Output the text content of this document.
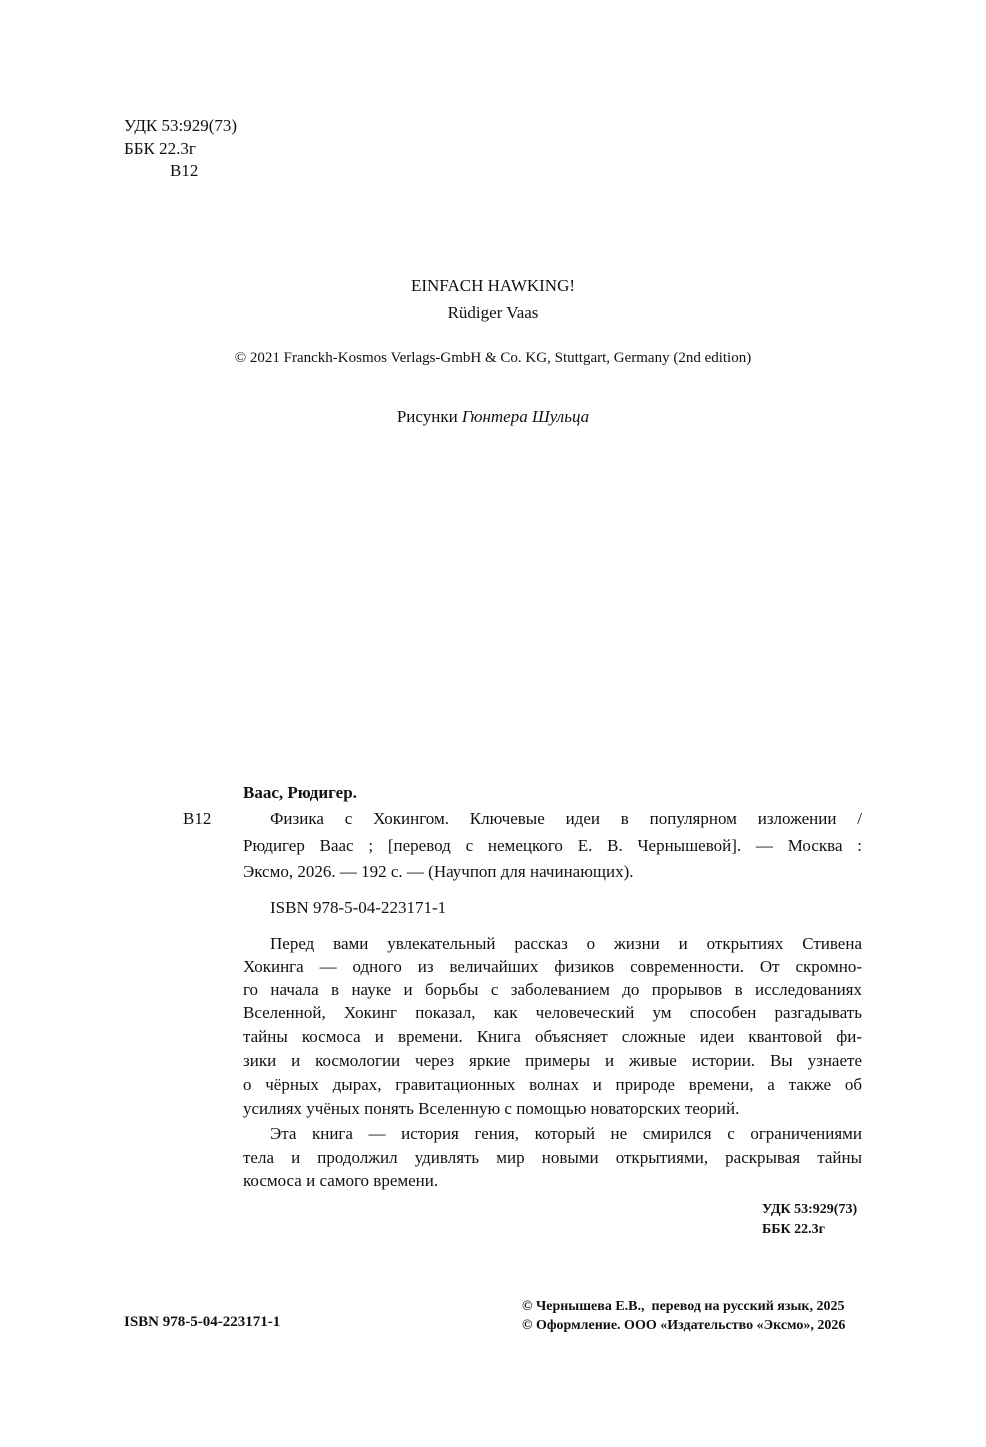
УДК 53:929(73)
ББК 22.3г
В12
EINFACH HAWKING!
Rüdiger Vaas
© 2021 Franckh-Kosmos Verlags-GmbH & Co. KG, Stuttgart, Germany (2nd edition)
Рисунки Гюнтера Шульца
Ваас, Рюдигер.
В12	Физика с Хокингом. Ключевые идеи в популярном изложении /
Рюдигер Ваас ; [перевод с немецкого Е. В. Чернышевой]. — Москва :
Эксмо, 2026. — 192 с. — (Научпоп для начинающих).
ISBN 978-5-04-223171-1
Перед вами увлекательный рассказ о жизни и открытиях Стивена
Хокинга — одного из величайших физиков современности. От скромно-
го начала в науке и борьбы с заболеванием до прорывов в исследованиях
Вселенной, Хокинг показал, как человеческий ум способен разгадывать
тайны космоса и времени. Книга объясняет сложные идеи квантовой фи-
зики и космологии через яркие примеры и живые истории. Вы узнаете
о чёрных дырах, гравитационных волнах и природе времени, а также об
усилиях учёных понять Вселенную с помощью новаторских теорий.
Эта книга — история гения, который не смирился с ограничениями
тела и продолжил удивлять мир новыми открытиями, раскрывая тайны
космоса и самого времени.
УДК 53:929(73)
ББК 22.3г
ISBN 978-5-04-223171-1
© Чернышева Е.В.,  перевод на русский язык, 2025
© Оформление. ООО «Издательство «Эксмо», 2026
